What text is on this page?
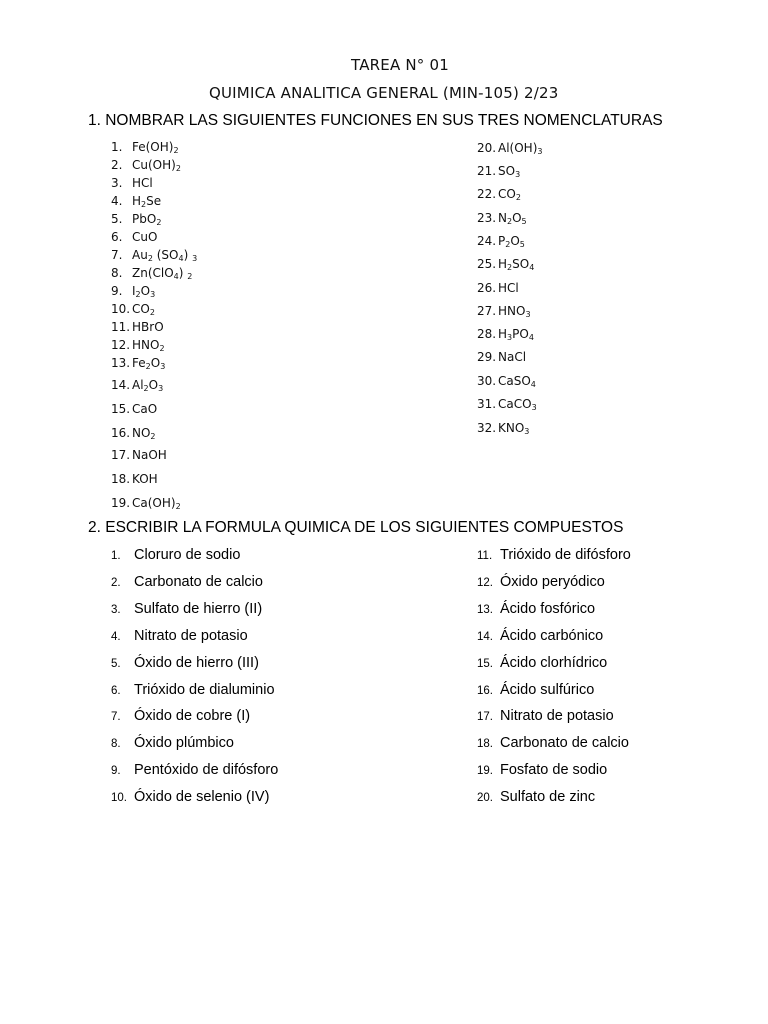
TAREA N° 01
QUIMICA ANALITICA GENERAL (MIN-105) 2/23
1. NOMBRAR LAS SIGUIENTES FUNCIONES EN SUS TRES NOMENCLATURAS
1. $Fe(OH)_2$
2. $Cu(OH)_2$
3. HCl
4. $H_2Se$
5. PbO$_2$
6. CuO
7. $Au_2$ $(SO_4)$ $_3$
8. Zn(ClO$_4$) $_2$
9. $I_2O_3$
10. $CO_2$
11. HBrO
12. $HNO_2$
13. $Fe_2O_3$
14. $Al_2O_3$
15. CaO
16. $NO_2$
17. NaOH
18. KOH
19. $Ca(OH)_2$
20. $Al(OH)_3$
21. $SO_3$
22. $CO_2$
23. $N_2O_5$
24. $P_2O_5$
25. $H_2SO_4$
26. HCl
27. $HNO_3$
28. $H_3PO_4$
29. NaCl
30. CaSO$_4$
31. CaCO$_3$
32. $KNO_3$
2. ESCRIBIR LA FORMULA QUIMICA DE LOS SIGUIENTES COMPUESTOS
1. Cloruro de sodio
2. Carbonato de calcio
3. Sulfato de hierro (II)
4. Nitrato de potasio
5. Óxido de hierro (III)
6. Trióxido de dialuminio
7. Óxido de cobre (I)
8. Óxido plúmbico
9. Pentóxido de difósforo
10. Óxido de selenio (IV)
11. Trióxido de difósforo
12. Óxido peryódico
13. Ácido fosfórico
14. Ácido carbónico
15. Ácido clorhídrico
16. Ácido sulfúrico
17. Nitrato de potasio
18. Carbonato de calcio
19. Fosfato de sodio
20. Sulfato de zinc
